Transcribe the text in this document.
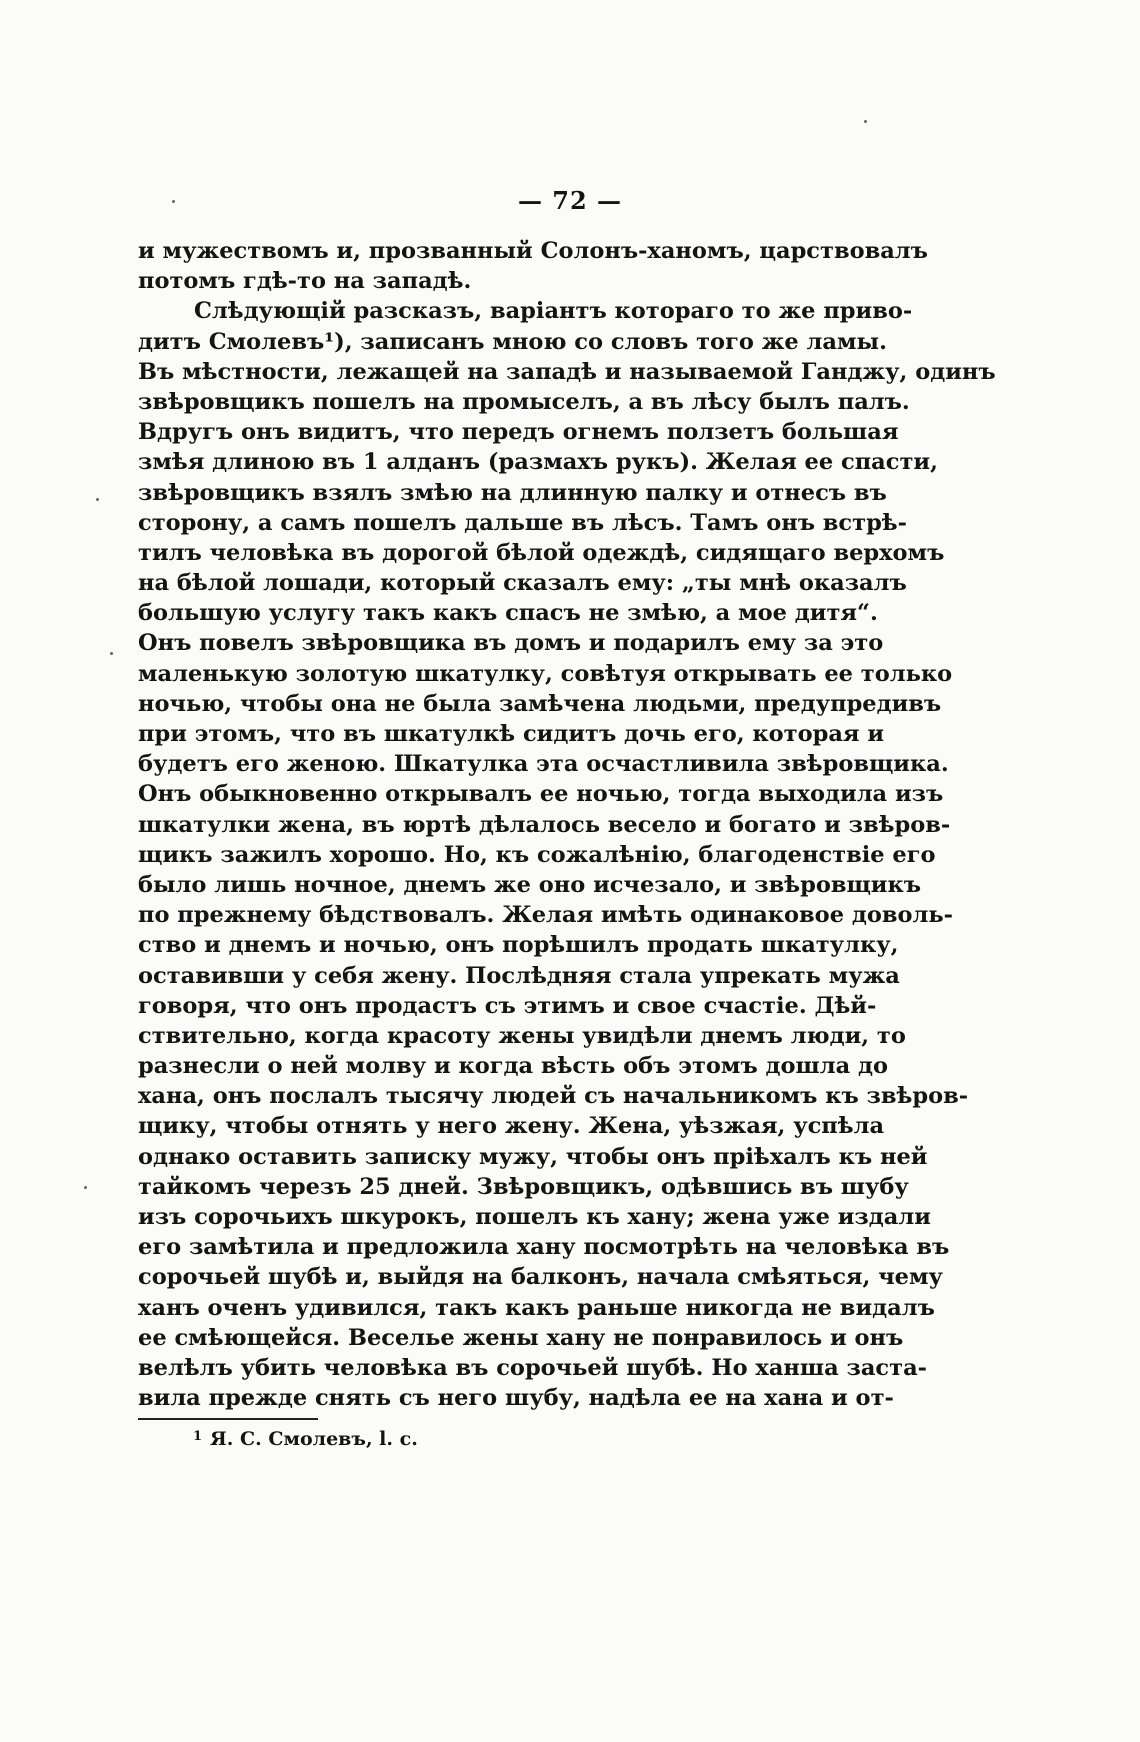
— 72 —
и мужествомъ и, прозванный Солонъ-ханомъ, царствовалъ
потомъ гдѣ-то на западѣ.
Слѣдующій разсказъ, варіантъ котораго то же приво-
дитъ Смолевъ¹), записанъ мною со словъ того же ламы.
Въ мѣстности, лежащей на западѣ и называемой Ганджу, одинъ
звѣровщикъ пошелъ на промыселъ, а въ лѣсу былъ палъ.
Вдругъ онъ видитъ, что передъ огнемъ ползетъ большая
змѣя длиною въ 1 алданъ (размахъ рукъ). Желая ее спасти,
звѣровщикъ взялъ змѣю на длинную палку и отнесъ въ
сторону, а самъ пошелъ дальше въ лѣсъ. Тамъ онъ встрѣ-
тилъ человѣка въ дорогой бѣлой одеждѣ, сидящаго верхомъ
на бѣлой лошади, который сказалъ ему: „ты мнѣ оказалъ
большую услугу такъ какъ спасъ не змѣю, а мое дитя“.
Онъ повелъ звѣровщика въ домъ и подарилъ ему за это
маленькую золотую шкатулку, совѣтуя открывать ее только
ночью, чтобы она не была замѣчена людьми, предупредивъ
при этомъ, что въ шкатулкѣ сидитъ дочь его, которая и
будетъ его женою. Шкатулка эта осчастливила звѣровщика.
Онъ обыкновенно открывалъ ее ночью, тогда выходила изъ
шкатулки жена, въ юртѣ дѣлалось весело и богато и звѣров-
щикъ зажилъ хорошо. Но, къ сожалѣнію, благоденствіе его
было лишь ночное, днемъ же оно исчезало, и звѣровщикъ
по прежнему бѣдствовалъ. Желая имѣть одинаковое доволь-
ство и днемъ и ночью, онъ порѣшилъ продать шкатулку,
оставивши у себя жену. Послѣдняя стала упрекать мужа
говоря, что онъ продастъ съ этимъ и свое счастіе. Дѣй-
ствительно, когда красоту жены увидѣли днемъ люди, то
разнесли о ней молву и когда вѣсть объ этомъ дошла до
хана, онъ послалъ тысячу людей съ начальникомъ къ звѣров-
щику, чтобы отнять у него жену. Жена, уѣзжая, успѣла
однако оставить записку мужу, чтобы онъ пріѣхалъ къ ней
тайкомъ черезъ 25 дней. Звѣровщикъ, одѣвшись въ шубу
изъ сорочьихъ шкурокъ, пошелъ къ хану; жена уже издали
его замѣтила и предложила хану посмотрѣть на человѣка въ
сорочьей шубѣ и, выйдя на балконъ, начала смѣяться, чему
ханъ оченъ удивился, такъ какъ раньше никогда не видалъ
ее смѣющейся. Веселье жены хану не понравилось и онъ
велѣлъ убить человѣка въ сорочьей шубѣ. Но ханша заста-
вила прежде снять съ него шубу, надѣла ее на хана и от-
$^1$ Я. С. Смолевъ, l. с.
